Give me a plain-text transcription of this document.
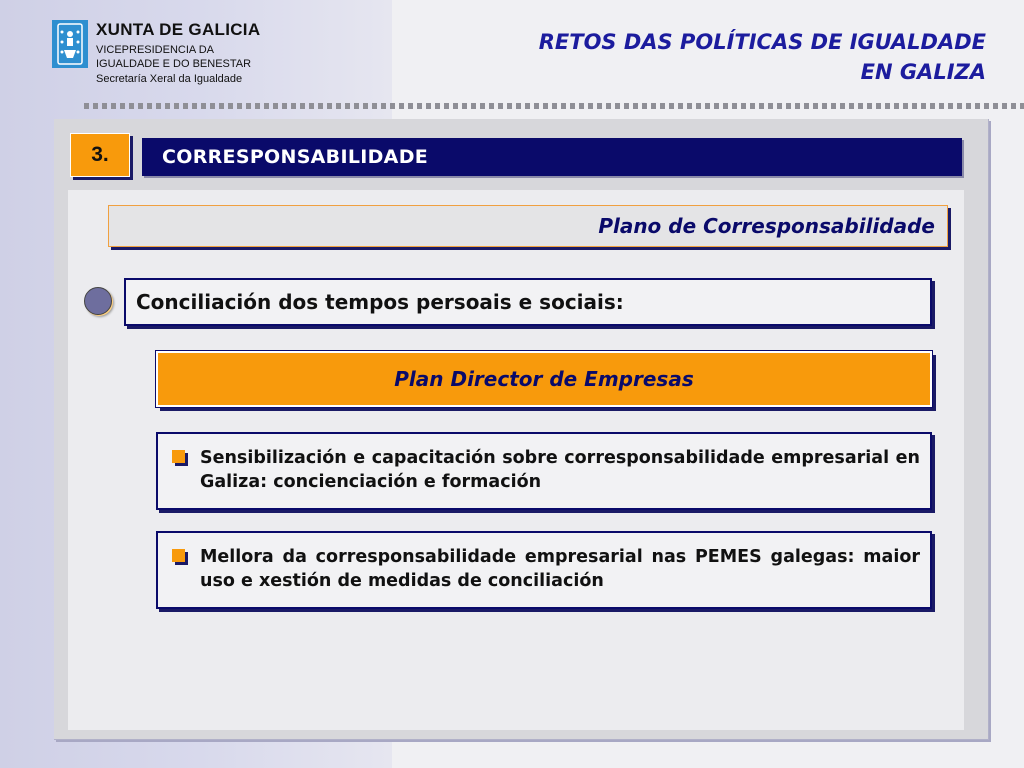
XUNTA DE GALICIA
VICEPRESIDENCIA DA
IGUALDADE E DO BENESTAR
Secretaría Xeral da Igualdade
RETOS DAS POLÍTICAS DE IGUALDADE
EN GALIZA
3.	CORRESPONSABILIDADE
Plano de Corresponsabilidade
Conciliación dos tempos persoais e sociais:
Plan Director de Empresas
Sensibilización e capacitación sobre corresponsabilidade empresarial en Galiza: concienciación e formación
Mellora da corresponsabilidade empresarial nas PEMES galegas: maior uso e xestión de medidas de conciliación
